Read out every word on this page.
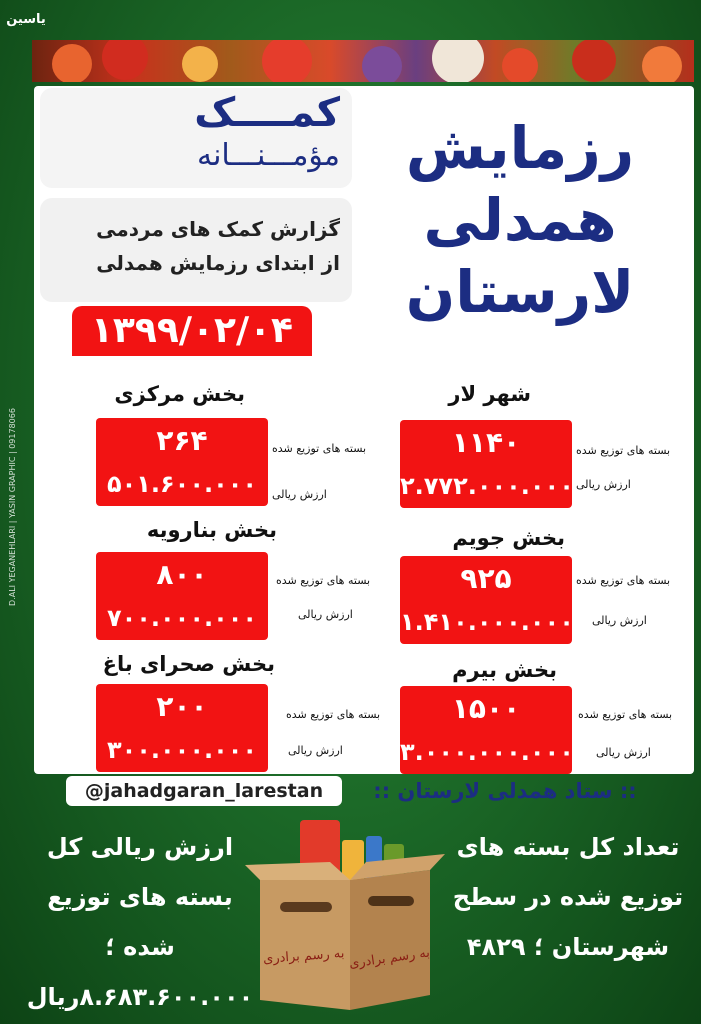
یاسین
D.ALI YEGANEHLARI | YASIN GRAPHIC | 09178066
رزمایش
همدلی
لارستان
کمــــک
مؤمـــنـــانه
گزارش کمک های مردمی
از ابتدای رزمایش همدلی
۱۳۹۹/۰۲/۰۴
شهر لار
۱۱۴۰
۲.۷۷۲.۰۰۰.۰۰۰
بسته های توزیع شده
ارزش ریالی
بخش مرکزی
۲۶۴
۵۰۱.۶۰۰.۰۰۰
بسته های توزیع شده
ارزش ریالی
بخش جویم
۹۲۵
۱.۴۱۰.۰۰۰.۰۰۰
بسته های توزیع شده
ارزش ریالی
بخش بنارویه
۸۰۰
۷۰۰.۰۰۰.۰۰۰
بسته های توزیع شده
ارزش ریالی
بخش بیرم
۱۵۰۰
۳.۰۰۰.۰۰۰.۰۰۰
بسته های توزیع شده
ارزش ریالی
بخش صحرای باغ
۲۰۰
۳۰۰.۰۰۰.۰۰۰
بسته های توزیع شده
ارزش ریالی
@jahadgaran_larestan	:: ستاد همدلی لارستان ::
تعداد کل بسته های
توزیع شده در سطح
شهرستان ؛ ۴۸۲۹
ارزش ریالی کل
بسته های توزیع شده ؛
۸.۶۸۳.۶۰۰.۰۰۰ریال
به رسم برادری به رسم برادری
